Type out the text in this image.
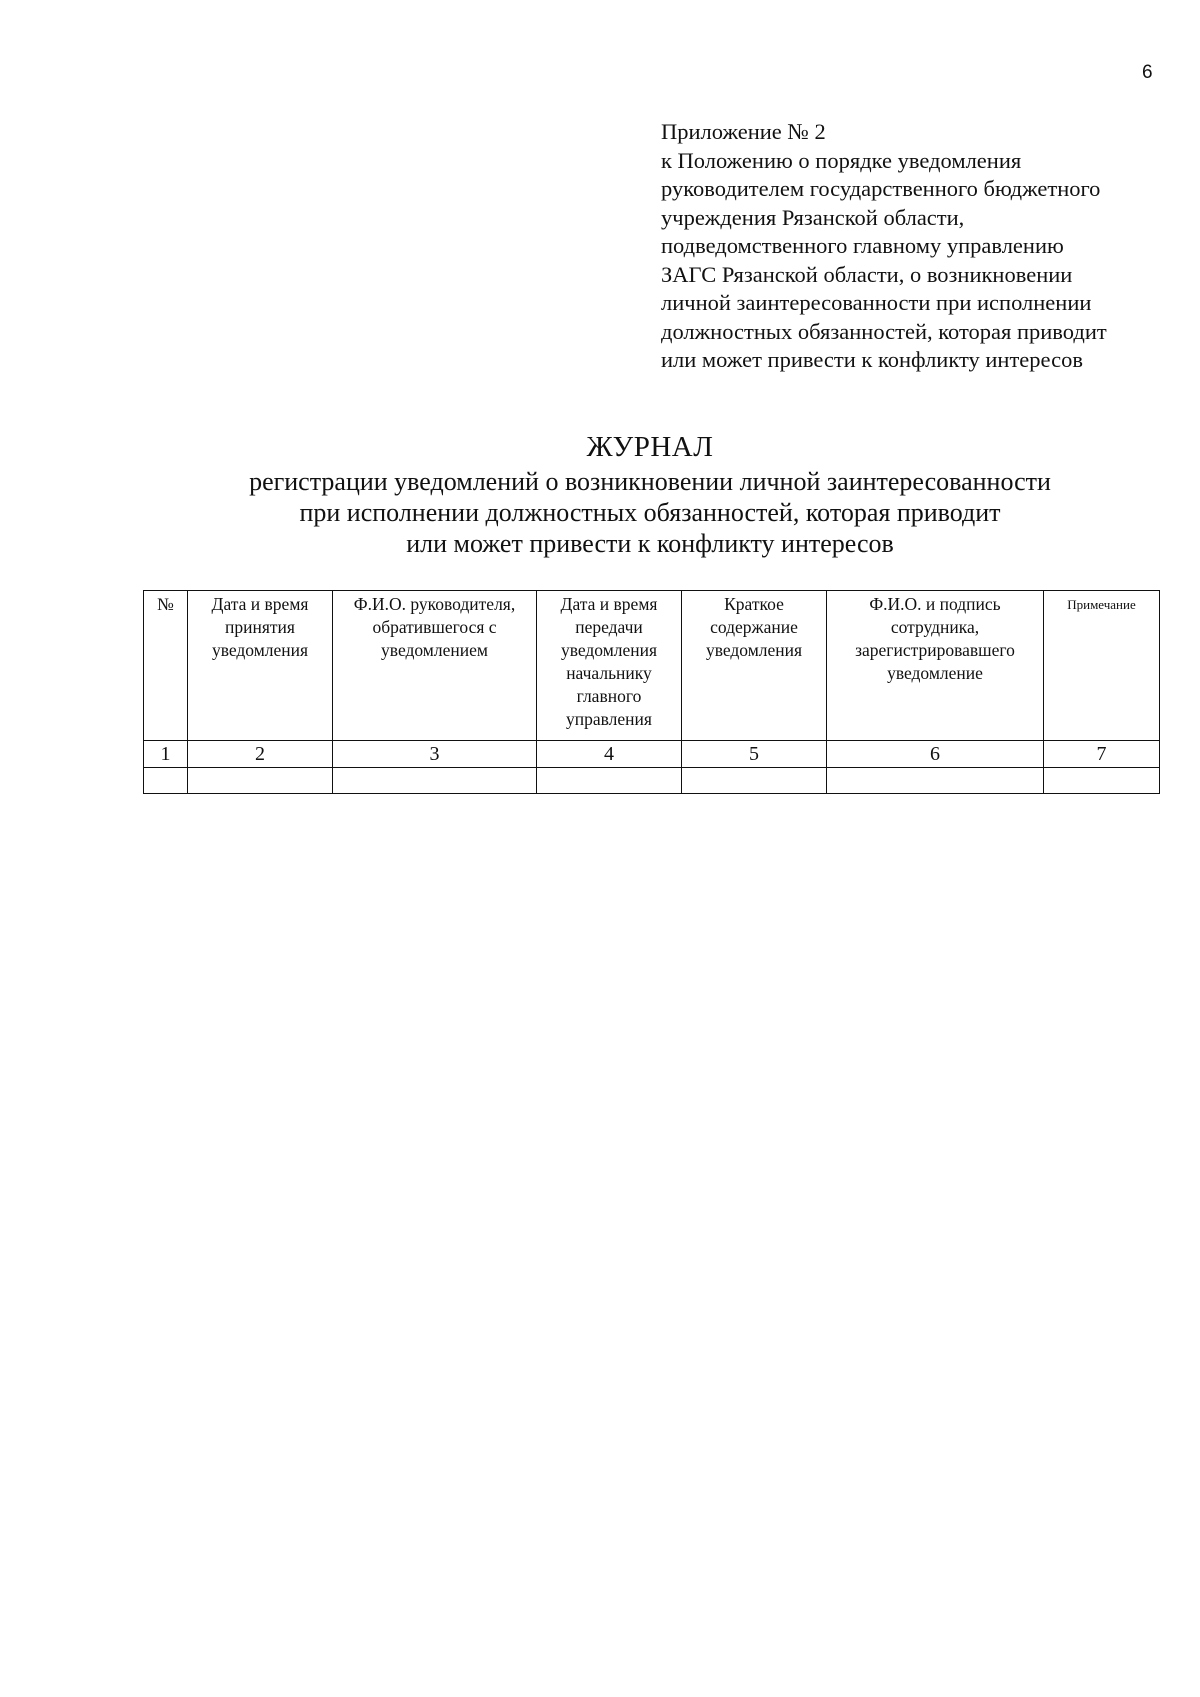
6
Приложение № 2
к Положению о порядке уведомления
руководителем государственного бюджетного
учреждения Рязанской области,
подведомственного главному управлению
ЗАГС Рязанской области, о возникновении
личной заинтересованности при исполнении
должностных обязанностей, которая приводит
или может привести к конфликту интересов
ЖУРНАЛ
регистрации уведомлений о возникновении личной заинтересованности
при исполнении должностных обязанностей, которая приводит
или может привести к конфликту интересов
№	Дата и время принятия уведомления	Ф.И.О. руководителя, обратившегося с уведомлением	Дата и время передачи уведомления начальнику главного управления	Краткое содержание уведомления	Ф.И.О. и подпись сотрудника, зарегистрировавшего уведомление	Примечание
1	2	3	4	5	6	7
